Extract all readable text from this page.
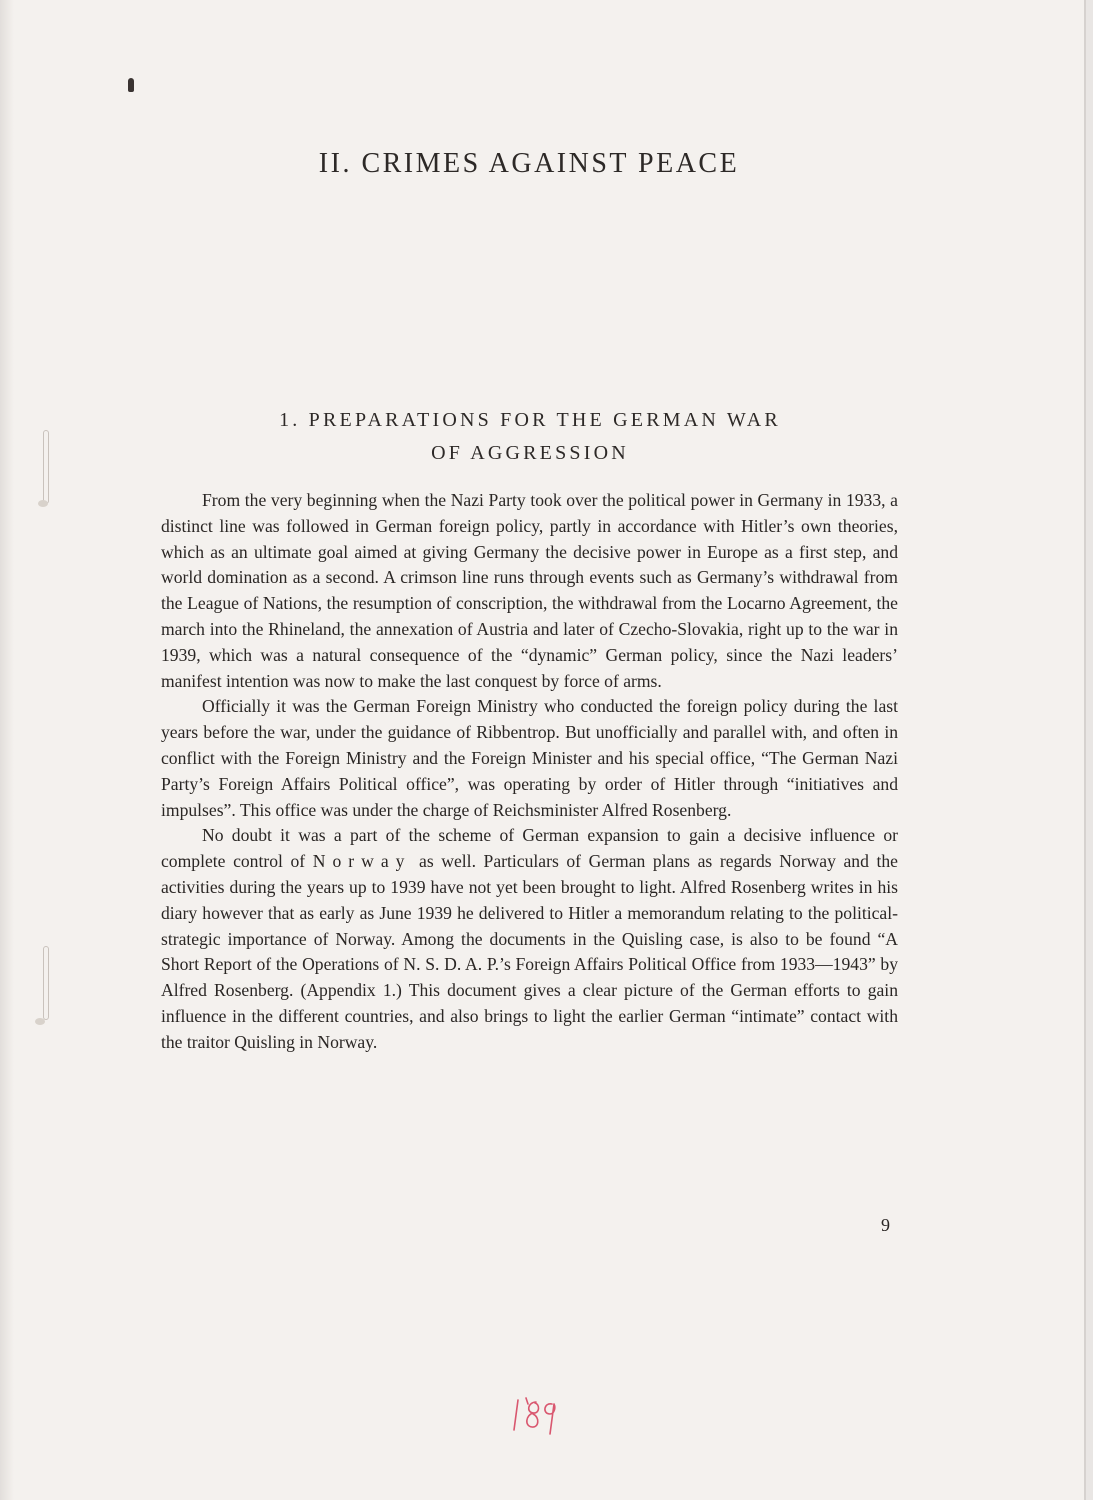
II. CRIMES AGAINST PEACE
1. PREPARATIONS FOR THE GERMAN WAR
OF AGGRESSION

From the very beginning when the Nazi Party took over the political power in Germany in 1933, a distinct line was followed in German foreign policy, partly in accordance with Hitler’s own theories, which as an ultimate goal aimed at giving Germany the decisive power in Europe as a first step, and world domination as a second. A crimson line runs through events such as Germany’s withdrawal from the League of Nations, the resumption of conscription, the withdrawal from the Locarno Agreement, the march into the Rhineland, the annexation of Austria and later of Czecho-Slovakia, right up to the war in 1939, which was a natural consequence of the “dynamic” German policy, since the Nazi leaders’ manifest intention was now to make the last conquest by force of arms.

Officially it was the German Foreign Ministry who conducted the foreign policy during the last years before the war, under the guidance of Ribbentrop. But unofficially and parallel with, and often in conflict with the Foreign Ministry and the Foreign Minister and his special office, “The German Nazi Party’s Foreign Affairs Political office”, was operating by order of Hitler through “initiatives and impulses”. This office was under the charge of Reichsminister Alfred Rosenberg.

No doubt it was a part of the scheme of German expansion to gain a decisive influence or complete control of Norway as well. Particulars of German plans as regards Norway and the activities during the years up to 1939 have not yet been brought to light. Alfred Rosenberg writes in his diary however that as early as June 1939 he delivered to Hitler a memorandum relating to the political-strategic importance of Norway. Among the documents in the Quisling case, is also to be found “A Short Report of the Operations of N. S. D. A. P.’s Foreign Affairs Political Office from 1933—1943” by Alfred Rosenberg. (Appendix 1.) This document gives a clear picture of the German efforts to gain influence in the different countries, and also brings to light the earlier German “intimate” contact with the traitor Quisling in Norway.

9
